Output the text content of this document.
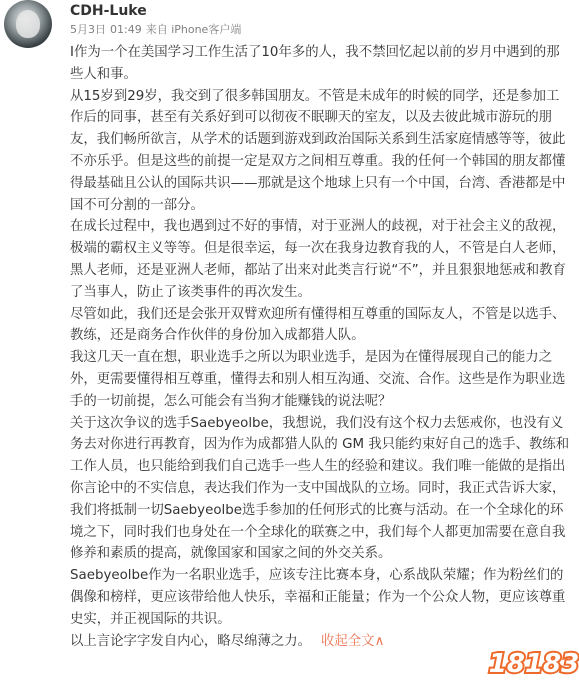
CDH-Luke
5月3日 01:49 来自 iPhone客户端

I作为一个在美国学习工作生活了10年多的人，我不禁回忆起以前的岁月中遇到的那些人和事。

从15岁到29岁，我交到了很多韩国朋友。不管是未成年的时候的同学，还是参加工作后的同事，甚至有关系好到可以彻夜不眠聊天的室友，以及去彼此城市游玩的朋友，我们畅所欲言，从学术的话题到游戏到政治国际关系到生活家庭情感等等，彼此不亦乐乎。但是这些的前提一定是双方之间相互尊重。我的任何一个韩国的朋友都懂得最基础且公认的国际共识——那就是这个地球上只有一个中国，台湾、香港都是中国不可分割的一部分。

在成长过程中，我也遇到过不好的事情，对于亚洲人的歧视，对于社会主义的敌视，极端的霸权主义等等。但是很幸运，每一次在我身边教育我的人，不管是白人老师，黑人老师，还是亚洲人老师，都站了出来对此类言行说“不”，并且狠狠地惩戒和教育了当事人，防止了该类事件的再次发生。

尽管如此，我们还是会张开双臂欢迎所有懂得相互尊重的国际友人，不管是以选手、教练，还是商务合作伙伴的身份加入成都猎人队。

我这几天一直在想，职业选手之所以为职业选手，是因为在懂得展现自己的能力之外，更需要懂得相互尊重，懂得去和别人相互沟通、交流、合作。这些是作为职业选手的一切前提，怎么可能会有当狗才能赚钱的说法呢？

关于这次争议的选手Saebyeolbe，我想说，我们没有这个权力去惩戒你，也没有义务去对你进行再教育，因为作为成都猎人队的 GM 我只能约束好自己的选手、教练和工作人员，也只能给到我们自己选手一些人生的经验和建议。我们唯一能做的是指出你言论中的不实信息，表达我们作为一支中国战队的立场。同时，我正式告诉大家，我们将抵制一切Saebyeolbe选手参加的任何形式的比赛与活动。在一个全球化的环境之下，同时我们也身处在一个全球化的联赛之中，我们每个人都更加需要在意自我修养和素质的提高，就像国家和国家之间的外交关系。

Saebyeolbe作为一名职业选手，应该专注比赛本身，心系战队荣耀；作为粉丝们的偶像和榜样，更应该带给他人快乐，幸福和正能量；作为一个公众人物，更应该尊重史实，并正视国际的共识。

以上言论字字发自内心，略尽绵薄之力。 收起全文∧

18183
